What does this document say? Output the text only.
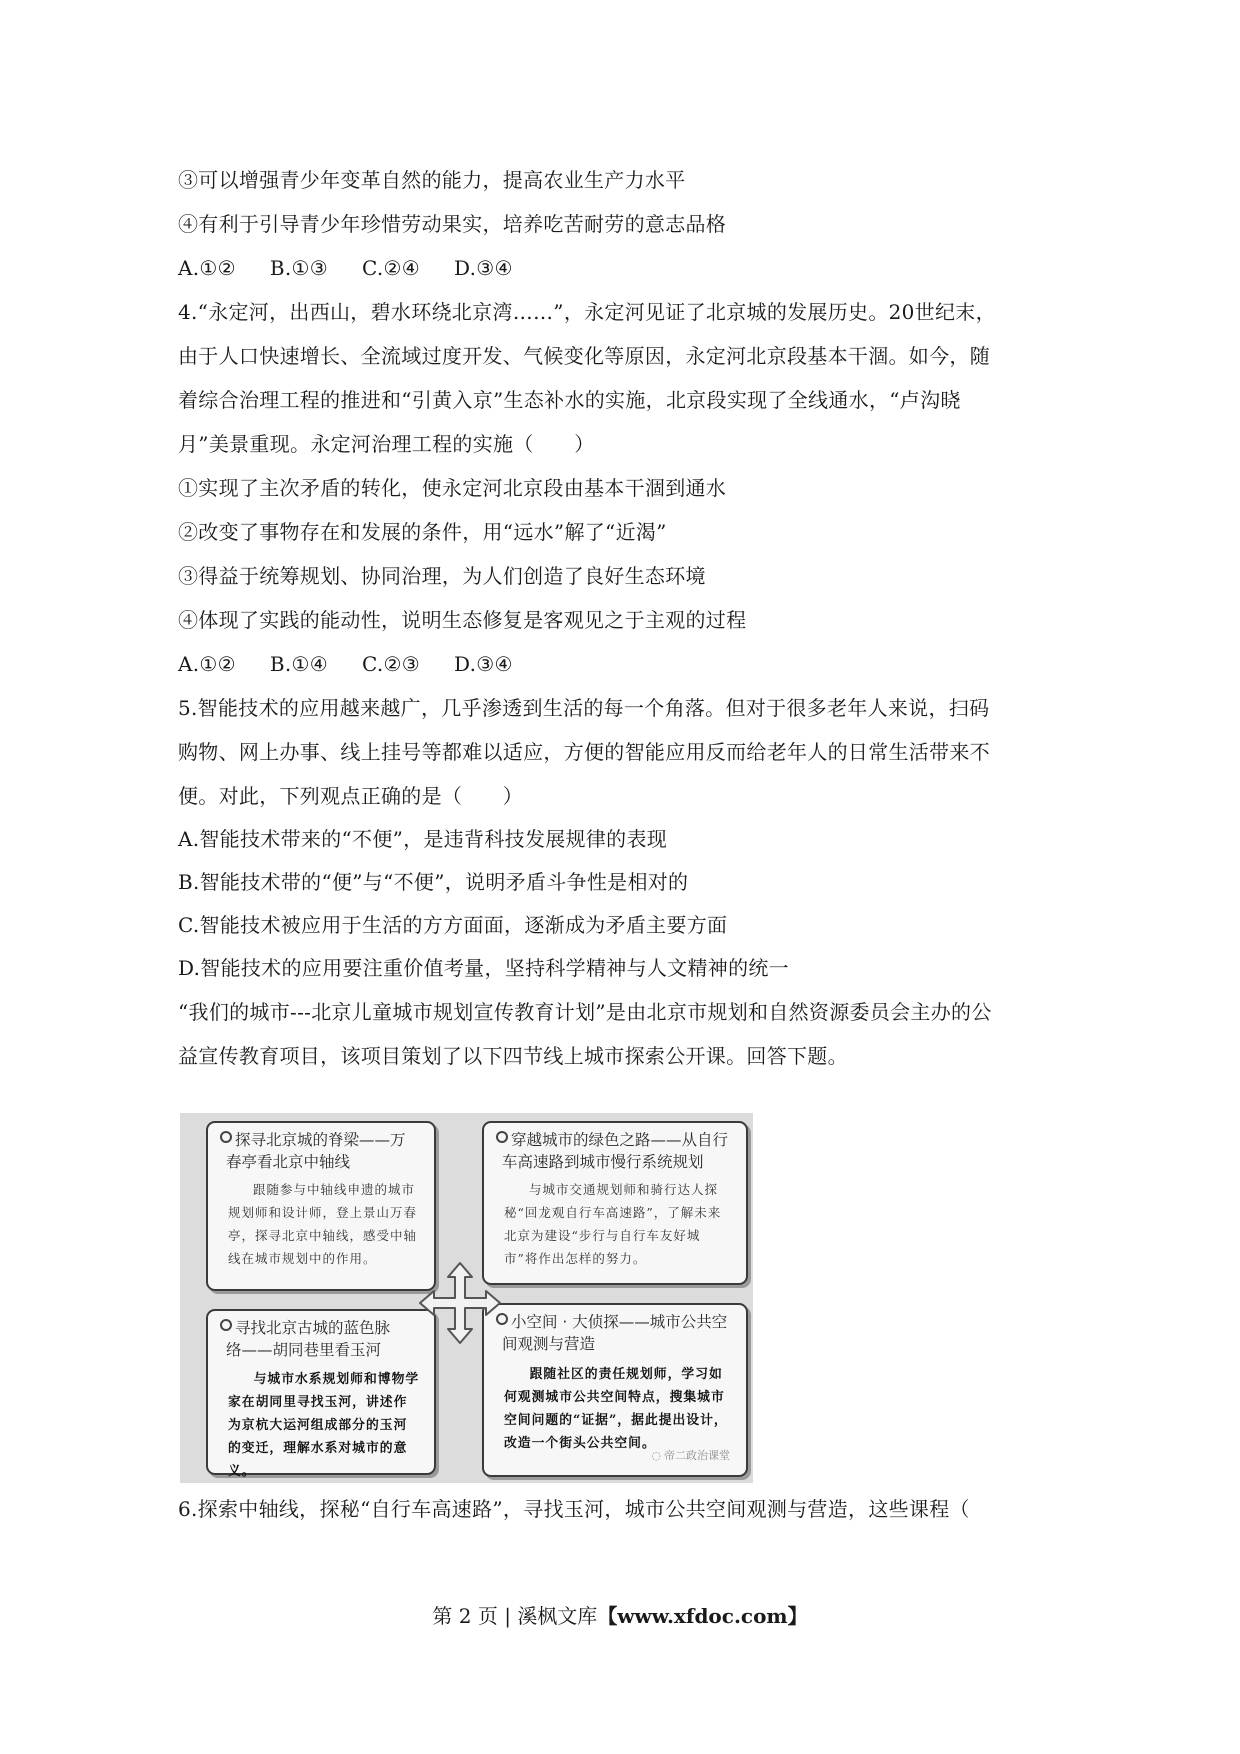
③可以增强青少年变革自然的能力，提高农业生产力水平
④有利于引导青少年珍惜劳动果实，培养吃苦耐劳的意志品格
A.①② B.①③ C.②④ D.③④
4.“永定河，出西山，碧水环绕北京湾……”，永定河见证了北京城的发展历史。20世纪末，
由于人口快速增长、全流域过度开发、气候变化等原因，永定河北京段基本干涸。如今，随
着综合治理工程的推进和“引黄入京”生态补水的实施，北京段实现了全线通水，“卢沟晓
月”美景重现。永定河治理工程的实施（　　）
①实现了主次矛盾的转化，使永定河北京段由基本干涸到通水
②改变了事物存在和发展的条件，用“远水”解了“近渴”
③得益于统筹规划、协同治理，为人们创造了良好生态环境
④体现了实践的能动性，说明生态修复是客观见之于主观的过程
A.①② B.①④ C.②③ D.③④
5.智能技术的应用越来越广，几乎渗透到生活的每一个角落。但对于很多老年人来说，扫码
购物、网上办事、线上挂号等都难以适应，方便的智能应用反而给老年人的日常生活带来不
便。对此，下列观点正确的是（　　）
A.智能技术带来的“不便”，是违背科技发展规律的表现
B.智能技术带的“便”与“不便”，说明矛盾斗争性是相对的
C.智能技术被应用于生活的方方面面，逐渐成为矛盾主要方面
D.智能技术的应用要注重价值考量，坚持科学精神与人文精神的统一
“我们的城市---北京儿童城市规划宣传教育计划”是由北京市规划和自然资源委员会主办的公
益宣传教育项目，该项目策划了以下四节线上城市探索公开课。回答下题。
探寻北京城的脊梁——万
春亭看北京中轴线
跟随参与中轴线申遗的城市规划师和设计师，登上景山万春亭，探寻北京中轴线，感受中轴线在城市规划中的作用。
穿越城市的绿色之路——从自行
车高速路到城市慢行系统规划
与城市交通规划师和骑行达人探秘“回龙观自行车高速路”，了解未来北京为建设“步行与自行车友好城市”将作出怎样的努力。
寻找北京古城的蓝色脉
络——胡同巷里看玉河
与城市水系规划师和博物学家在胡同里寻找玉河，讲述作为京杭大运河组成部分的玉河的变迁，理解水系对城市的意义。
小空间 · 大侦探——城市公共空
间观测与营造
跟随社区的责任规划师，学习如何观测城市公共空间特点，搜集城市空间问题的“证据”，据此提出设计，改造一个街头公共空间。
◌ 帝二政治课堂
6.探索中轴线，探秘“自行车高速路”，寻找玉河，城市公共空间观测与营造，这些课程（
第 2 页 | 溪枫文库【www.xfdoc.com】
